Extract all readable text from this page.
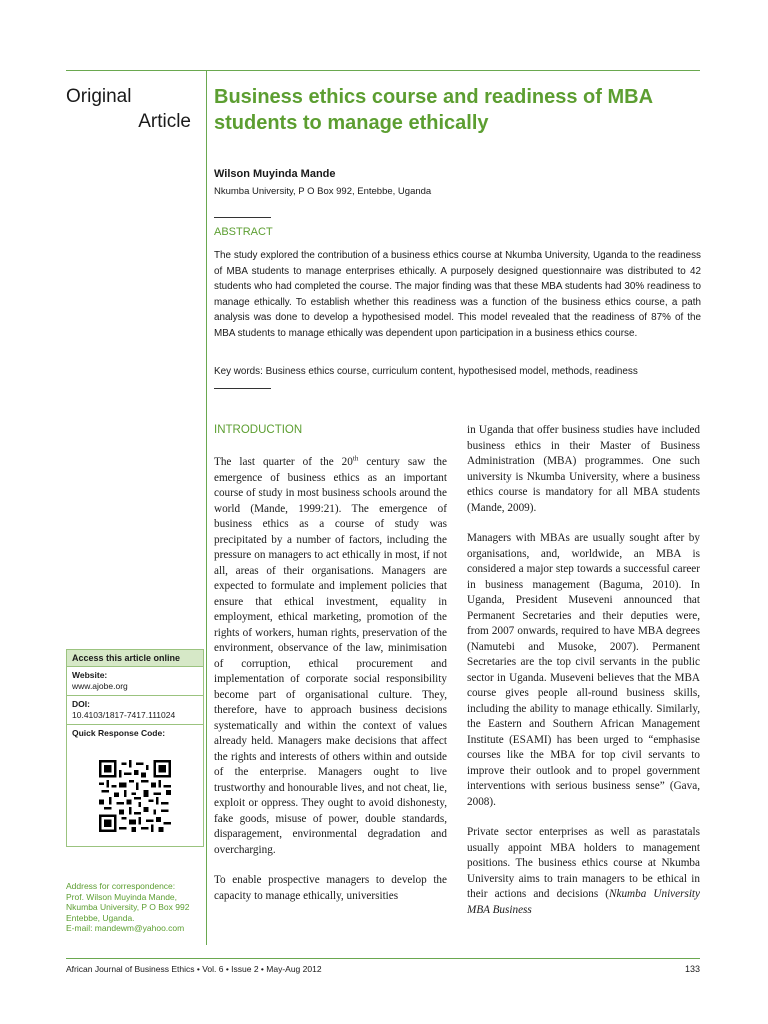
Original
Article
Business ethics course and readiness of MBA students to manage ethically
Wilson Muyinda Mande
Nkumba University, P O Box 992, Entebbe, Uganda
ABSTRACT

The study explored the contribution of a business ethics course at Nkumba University, Uganda to the readiness of MBA students to manage enterprises ethically. A purposely designed questionnaire was distributed to 42 students who had completed the course. The major finding was that these MBA students had 30% readiness to manage ethically. To establish whether this readiness was a function of the business ethics course, a path analysis was done to develop a hypothesised model. This model revealed that the readiness of 87% of the MBA students to manage ethically was dependent upon participation in a business ethics course.

Key words: Business ethics course, curriculum content, hypothesised model, methods, readiness
INTRODUCTION

The last quarter of the 20th century saw the emergence of business ethics as an important course of study in most business schools around the world (Mande, 1999:21). The emergence of business ethics as a course of study was precipitated by a number of factors, including the pressure on managers to act ethically in most, if not all, areas of their organisations. Managers are expected to formulate and implement policies that ensure that ethical investment, equality in employment, ethical marketing, promotion of the rights of workers, human rights, preservation of the environment, observance of the law, minimisation of corruption, ethical procurement and implementation of corporate social responsibility become part of organisational culture. They, therefore, have to approach business decisions systematically and within the context of values already held. Managers make decisions that affect the rights and interests of others within and outside of the enterprise. Managers ought to live trustworthy and honourable lives, and not cheat, lie, exploit or oppress. They ought to avoid dishonesty, fake goods, misuse of power, double standards, disparagement, environmental degradation and overcharging.

To enable prospective managers to develop the capacity to manage ethically, universities

in Uganda that offer business studies have included business ethics in their Master of Business Administration (MBA) programmes. One such university is Nkumba University, where a business ethics course is mandatory for all MBA students (Mande, 2009).

Managers with MBAs are usually sought after by organisations, and, worldwide, an MBA is considered a major step towards a successful career in business management (Baguma, 2010). In Uganda, President Museveni announced that Permanent Secretaries and their deputies were, from 2007 onwards, required to have MBA degrees (Namutebi and Musoke, 2007). Permanent Secretaries are the top civil servants in the public sector in Uganda. Museveni believes that the MBA course gives people all-round business skills, including the ability to manage ethically. Similarly, the Eastern and Southern African Management Institute (ESAMI) has been urged to “emphasise courses like the MBA for top civil servants to improve their outlook and to propel government interventions with serious business sense” (Gava, 2008).

Private sector enterprises as well as parastatals usually appoint MBA holders to management positions. The business ethics course at Nkumba University aims to train managers to be ethical in their actions and decisions (Nkumba University MBA Business

Access this article online
Website:
www.ajobe.org
DOI:
10.4103/1817-7417.111024
Quick Response Code:
Address for correspondence:
Prof. Wilson Muyinda Mande,
Nkumba University, P O Box 992
Entebbe, Uganda.
E-mail: mandewm@yahoo.com
African Journal of Business Ethics • Vol. 6 • Issue 2 • May-Aug 2012	133
